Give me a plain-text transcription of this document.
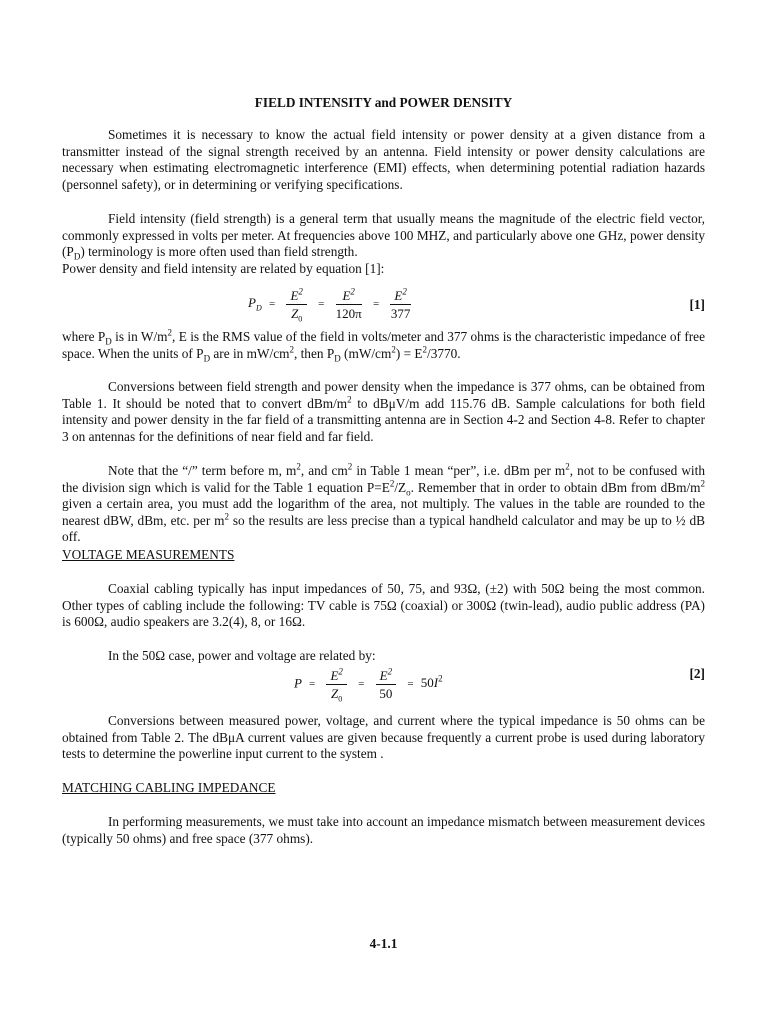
FIELD INTENSITY and POWER DENSITY

Sometimes it is necessary to know the actual field intensity or power density at a given distance from a transmitter instead of the signal strength received by an antenna. Field intensity or power density calculations are necessary when estimating electromagnetic interference (EMI) effects, when determining potential radiation hazards (personnel safety), or in determining or verifying specifications.

Field intensity (field strength) is a general term that usually means the magnitude of the electric field vector, commonly expressed in volts per meter. At frequencies above 100 MHZ, and particularly above one GHz, power density $(P_D)$ terminology is more often used than field strength.

Power density and field intensity are related by equation [1]:

$P_D = \frac{E^2}{Z_0} = \frac{E^2}{120\pi} = \frac{E^2}{377}$	[1]

where $P_D$ is in $W/m^2$, E is the RMS value of the field in volts/meter and 377 ohms is the characteristic impedance of free space. When the units of $P_D$ are in $mW/cm^2$, then $P_D$ $(mW/cm^2) = E^2/3770$.

Conversions between field strength and power density when the impedance is 377 ohms, can be obtained from Table 1. It should be noted that to convert dBm/$m^2$ to dBμV/m add 115.76 dB. Sample calculations for both field intensity and power density in the far field of a transmitting antenna are in Section 4-2 and Section 4-8. Refer to chapter 3 on antennas for the definitions of near field and far field.

Note that the “/” term before m, $m^2$, and $cm^2$ in Table 1 mean “per”, i.e. dBm per $m^2$, not to be confused with the division sign which is valid for the Table 1 equation $P=E^2/Z_o$. Remember that in order to obtain dBm from dBm/$m^2$ given a certain area, you must add the logarithm of the area, not multiply. The values in the table are rounded to the nearest dBW, dBm, etc. per $m^2$ so the results are less precise than a typical handheld calculator and may be up to ½ dB off.

VOLTAGE MEASUREMENTS

Coaxial cabling typically has input impedances of 50, 75, and 93Ω, (±2) with 50Ω being the most common. Other types of cabling include the following: TV cable is 75Ω (coaxial) or 300Ω (twin-lead), audio public address (PA) is 600Ω, audio speakers are 3.2(4), 8, or 16Ω.

In the 50Ω case, power and voltage are related by:

$P = \frac{E^2}{Z_0} = \frac{E^2}{50} = 50I^2$	[2]

Conversions between measured power, voltage, and current where the typical impedance is 50 ohms can be obtained from Table 2. The dBμA current values are given because frequently a current probe is used during laboratory tests to determine the powerline input current to the system .

MATCHING CABLING IMPEDANCE

In performing measurements, we must take into account an impedance mismatch between measurement devices (typically 50 ohms) and free space (377 ohms).

4-1.1
